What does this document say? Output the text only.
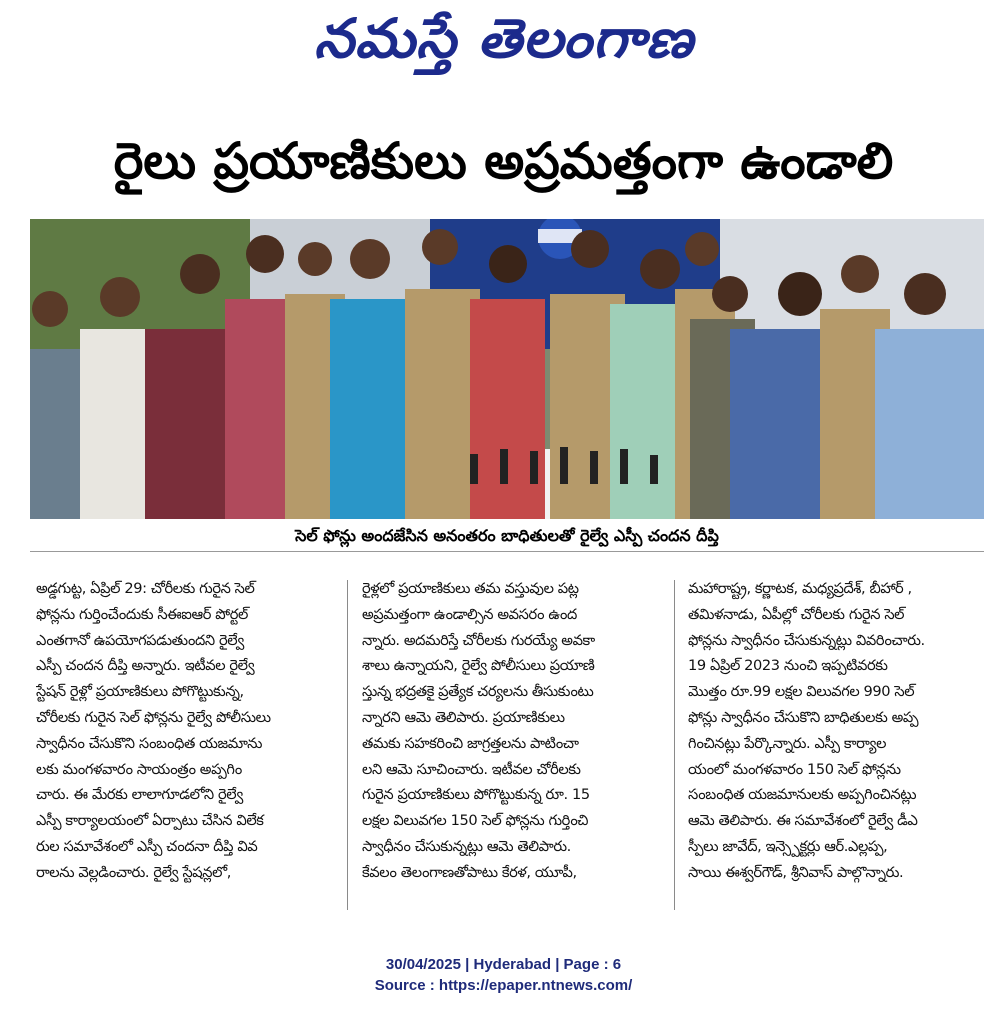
నమస్తే తెలంగాణ
రైలు ప్రయాణికులు అప్రమత్తంగా ఉండాలి
సెల్ ఫోన్లు అందజేసిన అనంతరం బాధితులతో రైల్వే ఎస్పీ చందన దీప్తి
అడ్డగుట్ట, ఏప్రిల్ 29: చోరీలకు గురైన సెల్
ఫోన్లను గుర్తించేందుకు సీఈఐఆర్ పోర్టల్
ఎంతగానో ఉపయోగపడుతుందని రైల్వే
ఎస్పీ చందన దీప్తి అన్నారు. ఇటీవల రైల్వే
స్టేషన్ రైళ్లో ప్రయాణికులు పోగొట్టుకున్న,
చోరీలకు గురైన సెల్ ఫోన్లను రైల్వే పోలీసులు
స్వాధీనం చేసుకొని సంబంధిత యజమాను
లకు మంగళవారం సాయంత్రం అప్పగిం
చారు. ఈ మేరకు లాలాగూడలోని రైల్వే
ఎస్పీ కార్యాలయంలో ఏర్పాటు చేసిన విలేక
రుల సమావేశంలో ఎస్పీ చందనా దీప్తి వివ
రాలను వెల్లడించారు. రైల్వే స్టేషన్లలో,
రైళ్లలో ప్రయాణికులు తమ వస్తువుల పట్ల
అప్రమత్తంగా ఉండాల్సిన అవసరం ఉంద
న్నారు. అదమరిస్తే చోరీలకు గురయ్యే అవకా
శాలు ఉన్నాయని, రైల్వే పోలీసులు ప్రయాణి
స్తున్న భద్రతకై ప్రత్యేక చర్యలను తీసుకుంటు
న్నారని ఆమె తెలిపారు. ప్రయాణికులు
తమకు సహకరించి జాగ్రత్తలను పాటించా
లని ఆమె సూచించారు. ఇటీవల చోరీలకు
గురైన ప్రయాణికులు పోగొట్టుకున్న రూ. 15
లక్షల విలువగల 150 సెల్ ఫోన్లను గుర్తించి
స్వాధీనం చేసుకున్నట్లు ఆమె తెలిపారు.
కేవలం తెలంగాణతోపాటు కేరళ, యూపీ,
మహారాష్ట్ర, కర్ణాటక, మధ్యప్రదేశ్, బీహార్ ,
తమిళనాడు, ఏపీల్లో చోరీలకు గురైన సెల్
ఫోన్లను స్వాధీనం చేసుకున్నట్లు వివరించారు.
19 ఏప్రిల్ 2023 నుంచి ఇప్పటివరకు
మొత్తం రూ.99 లక్షల విలువగల 990 సెల్
ఫోన్లు స్వాధీనం చేసుకొని బాధితులకు అప్ప
గించినట్లు పేర్కొన్నారు. ఎస్పీ కార్యాల
యంలో మంగళవారం 150 సెల్ ఫోన్లను
సంబంధిత యజమానులకు అప్పగించినట్లు
ఆమె తెలిపారు. ఈ సమావేశంలో రైల్వే డీఎ
స్పీలు జావేద్, ఇన్స్పెక్టర్లు ఆర్.ఎల్లప్ప,
సాయి ఈశ్వర్‌గౌడ్, శ్రీనివాస్ పాల్గొన్నారు.
30/04/2025 | Hyderabad | Page : 6
Source : https://epaper.ntnews.com/
